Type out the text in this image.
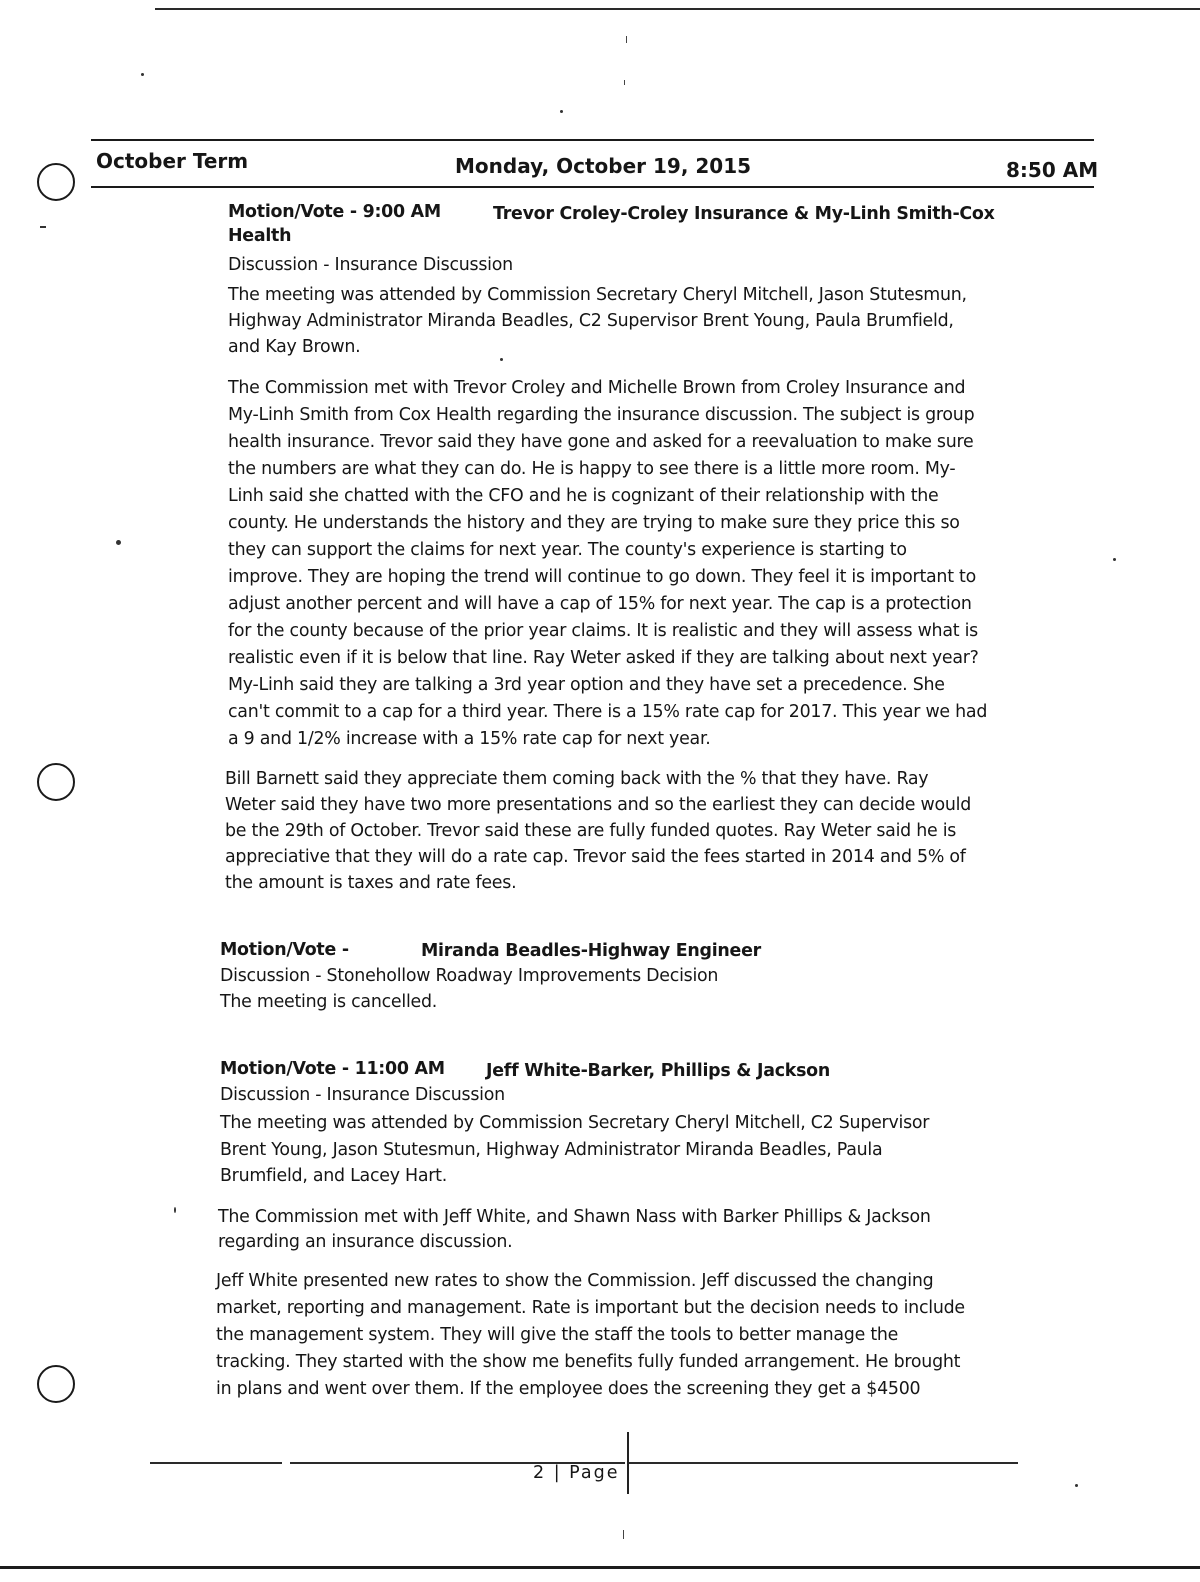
October Term	Monday, October 19, 2015	8:50 AM
Motion/Vote - 9:00 AM	Trevor Croley-Croley Insurance & My-Linh Smith-Cox
Health
Discussion - Insurance Discussion
The meeting was attended by Commission Secretary Cheryl Mitchell, Jason Stutesmun,
Highway Administrator Miranda Beadles, C2 Supervisor Brent Young, Paula Brumfield,
and Kay Brown.
The Commission met with Trevor Croley and Michelle Brown from Croley Insurance and
My-Linh Smith from Cox Health regarding the insurance discussion. The subject is group
health insurance. Trevor said they have gone and asked for a reevaluation to make sure
the numbers are what they can do. He is happy to see there is a little more room. My-
Linh said she chatted with the CFO and he is cognizant of their relationship with the
county. He understands the history and they are trying to make sure they price this so
they can support the claims for next year. The county's experience is starting to
improve. They are hoping the trend will continue to go down. They feel it is important to
adjust another percent and will have a cap of 15% for next year. The cap is a protection
for the county because of the prior year claims. It is realistic and they will assess what is
realistic even if it is below that line. Ray Weter asked if they are talking about next year?
My-Linh said they are talking a 3rd year option and they have set a precedence. She
can't commit to a cap for a third year. There is a 15% rate cap for 2017. This year we had
a 9 and 1/2% increase with a 15% rate cap for next year.
Bill Barnett said they appreciate them coming back with the % that they have. Ray
Weter said they have two more presentations and so the earliest they can decide would
be the 29th of October. Trevor said these are fully funded quotes. Ray Weter said he is
appreciative that they will do a rate cap. Trevor said the fees started in 2014 and 5% of
the amount is taxes and rate fees.
Motion/Vote -	Miranda Beadles-Highway Engineer
Discussion - Stonehollow Roadway Improvements Decision
The meeting is cancelled.
Motion/Vote - 11:00 AM Jeff White-Barker, Phillips & Jackson
Discussion - Insurance Discussion
The meeting was attended by Commission Secretary Cheryl Mitchell, C2 Supervisor
Brent Young, Jason Stutesmun, Highway Administrator Miranda Beadles, Paula
Brumfield, and Lacey Hart.
The Commission met with Jeff White, and Shawn Nass with Barker Phillips & Jackson
regarding an insurance discussion.
Jeff White presented new rates to show the Commission. Jeff discussed the changing
market, reporting and management. Rate is important but the decision needs to include
the management system. They will give the staff the tools to better manage the
tracking. They started with the show me benefits fully funded arrangement. He brought
in plans and went over them. If the employee does the screening they get a $4500
2 | Page
